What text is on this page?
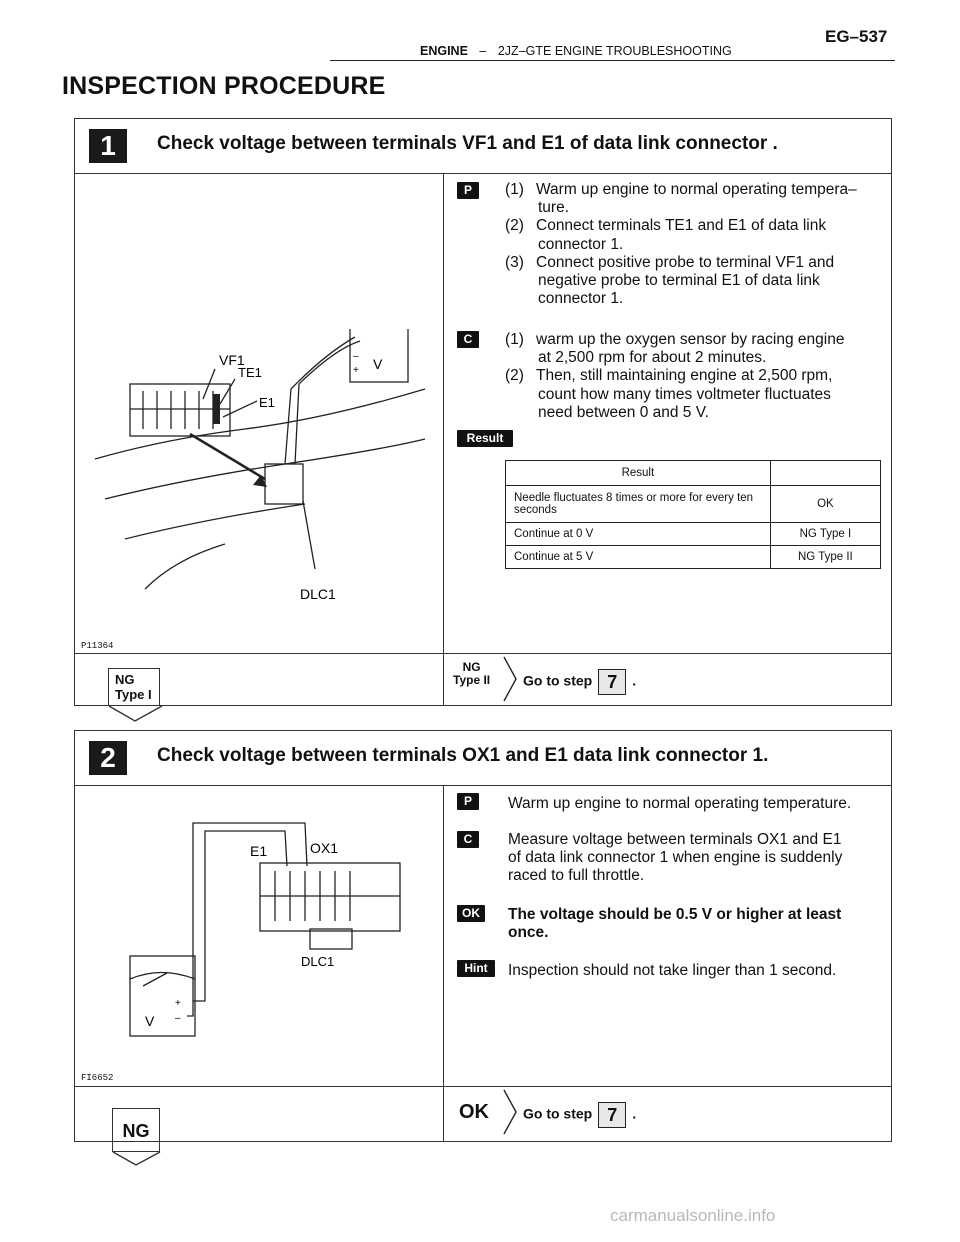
EG–537
ENGINE – 2JZ–GTE ENGINE TROUBLESHOOTING
INSPECTION PROCEDURE
1	Check voltage between terminals VF1 and E1 of data link connector .
VF1
TE1
E1
DLC1
V
–
+
P11364
P	(1) Warm up engine to normal operating tempera–
ture.
(2) Connect terminals TE1 and E1 of data link
connector 1.
(3) Connect positive probe to terminal VF1 and
negative probe to terminal E1 of data link
connector 1.
C	(1) warm up the oxygen sensor by racing engine
at 2,500 rpm for about 2 minutes.
(2) Then, still maintaining engine at 2,500 rpm,
count how many times voltmeter fluctuates
need between 0 and 5 V.
Result
Result	
Needle fluctuates 8 times or more for every ten seconds	OK
Continue at 0 V	NG Type I
Continue at 5 V	NG Type II
NG
Type II Go to step 7 .
NG
Type I
2	Check voltage between terminals OX1 and E1 data link connector 1.
E1	OX1
DLC1
V
+
–
FI6652
P	Warm up engine to normal operating temperature.
C	Measure voltage between terminals OX1 and E1
of data link connector 1 when engine is suddenly
raced to full throttle.
OK	The voltage should be 0.5 V or higher at least
once.
Hint	Inspection should not take linger than 1 second.
OK Go to step 7 .
NG
carmanualsonline.info
